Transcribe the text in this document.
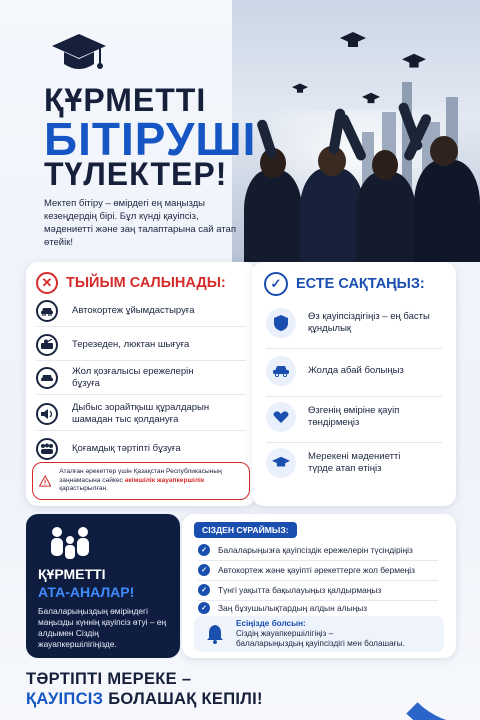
ҚҰРМЕТТІ
БІТІРУШІ
ТҮЛЕКТЕР!
Мектеп бітіру – өмірдегі ең маңызды кезеңдердің бірі. Бұл күнді қауіпсіз, мәдениетті және заң талаптарына сай атап өтейік!
✕ ТЫЙЫМ САЛЫНАДЫ:
Автокортеж ұйымдастыруға
Терезеден, люктан шығуға
Жол қозғалысы ережелерін бұзуға
Дыбыс зорайтқыш құралдарын шамадан тыс қолдануға
Қоғамдық тәртіпті бұзуға
Аталған әрекеттер үшін Қазақстан Республикасының заңнамасына сәйкес әкімшілік жауапкершілік қарастырылған.
✓	ЕСТЕ САҚТАҢЫЗ:
Өз қауіпсіздігіңіз – ең басты құндылық
Жолда абай болыңыз
Өзгенің өміріне қауіп төндірмеңіз
Мерекені мәдениетті түрде атап өтіңіз
ҚҰРМЕТТІ
АТА-АНАЛАР!
Балаларыңыздың өміріндегі маңызды күннің қауіпсіз өтуі – ең алдымен Сіздің жауапкершілігіңізде.
СІЗДЕН СҰРАЙМЫЗ:
✓	Балаларыңызға қауіпсіздік ережелерін түсіндіріңіз
✓	Автокортеж және қауіпті әрекеттерге жол бермеңіз
✓	Түнгі уақытта бақылауыңыз қалдырмаңыз
✓	Заң бұзушылықтардың алдын алыңыз
Есіңізде болсын:
Сіздің жауапкершілігіңіз –
балаларыңыздың қауіпсіздігі мен болашағы.
ТӘРТІПТІ МЕРЕКЕ –
ҚАУІПСІЗ БОЛАШАҚ КЕПІЛІ!
